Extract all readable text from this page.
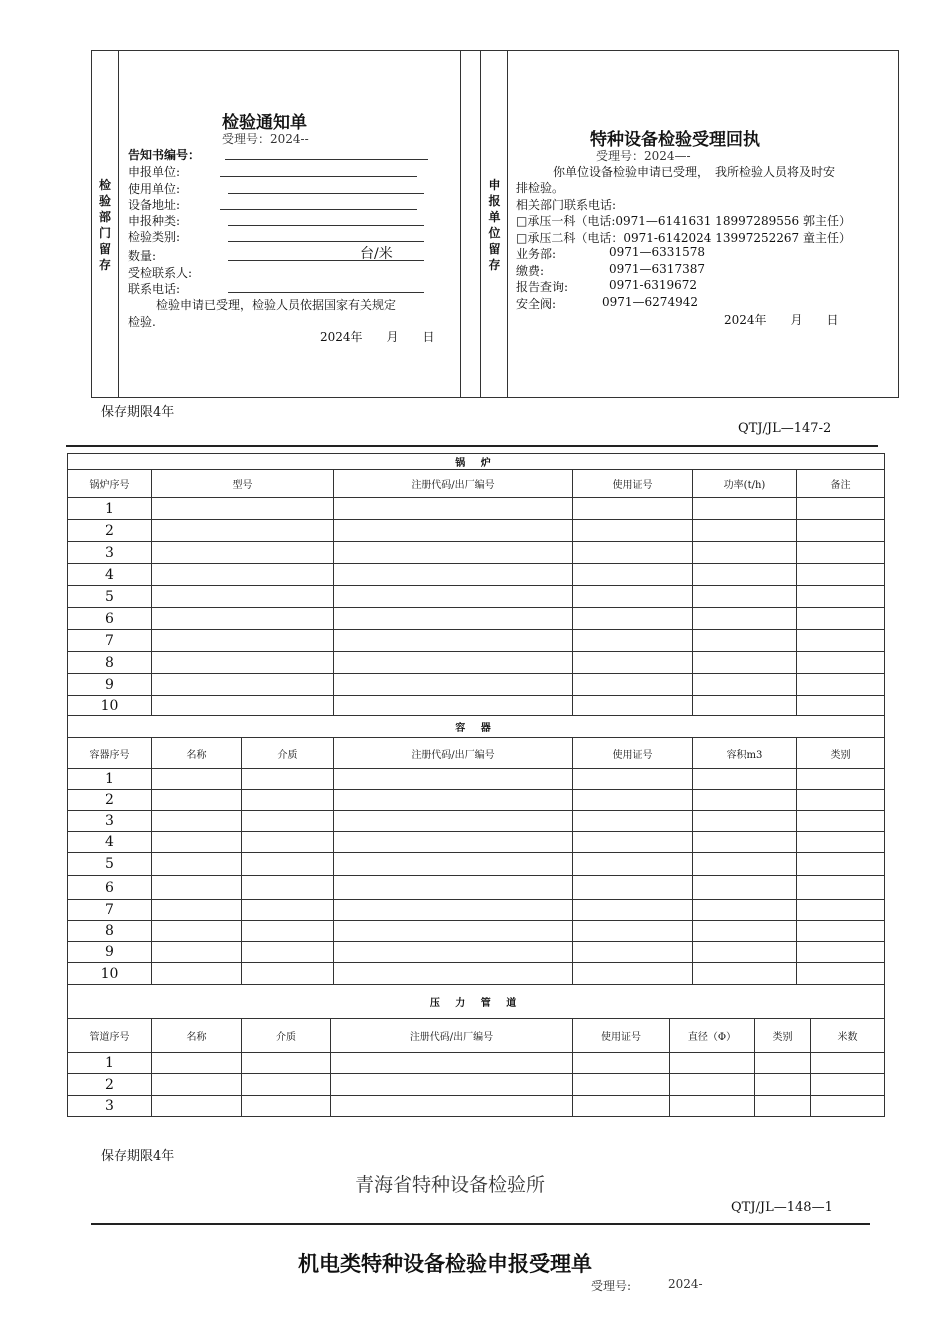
检
验
部
门
留
存
申
报
单
位
留
存
检验通知单
受理号：2024--
告知书编号：
申报单位:
使用单位:
设备地址:
申报种类:
检验类别:
数量:	台/米
受检联系人:
联系电话:
检验申请已受理，检验人员依据国家有关规定
检验.
2024年　　月　　日
特种设备检验受理回执
受理号：2024—-
你单位设备检验申请已受理，　我所检验人员将及时安
排检验。
相关部门联系电话:
□承压一科（电话:0971—6141631 18997289556 郭主任）
□承压二科（电话：0971-6142024 13997252267 童主任）
业务部:	0971—6331578
缴费:	0971—6317387
报告查询:	0971-6319672
安全阀:	0971—6274942
2024年　　月　　日
保存期限4年
QTJ/JL—147-2
锅 炉						
锅炉序号	型号		注册代码/出厂编号	使用证号	功率(t/h)	备注
1						
2						
3						
4						
5						
6						
7						
8						
9						
10						
容 器						
容器序号	名称	介质	注册代码/出厂编号	使用证号	容积m3	类别
1						
2						
3						
4						
5						
6						
7						
8						
9						
10						
压 力 管 道							
管道序号	名称	介质	注册代码/出厂编号	使用证号	直径（Φ）	类别	米数
1							
2							
3							
保存期限4年
青海省特种设备检验所
QTJ/JL—148—1
机电类特种设备检验申报受理单
受理号:	2024-
